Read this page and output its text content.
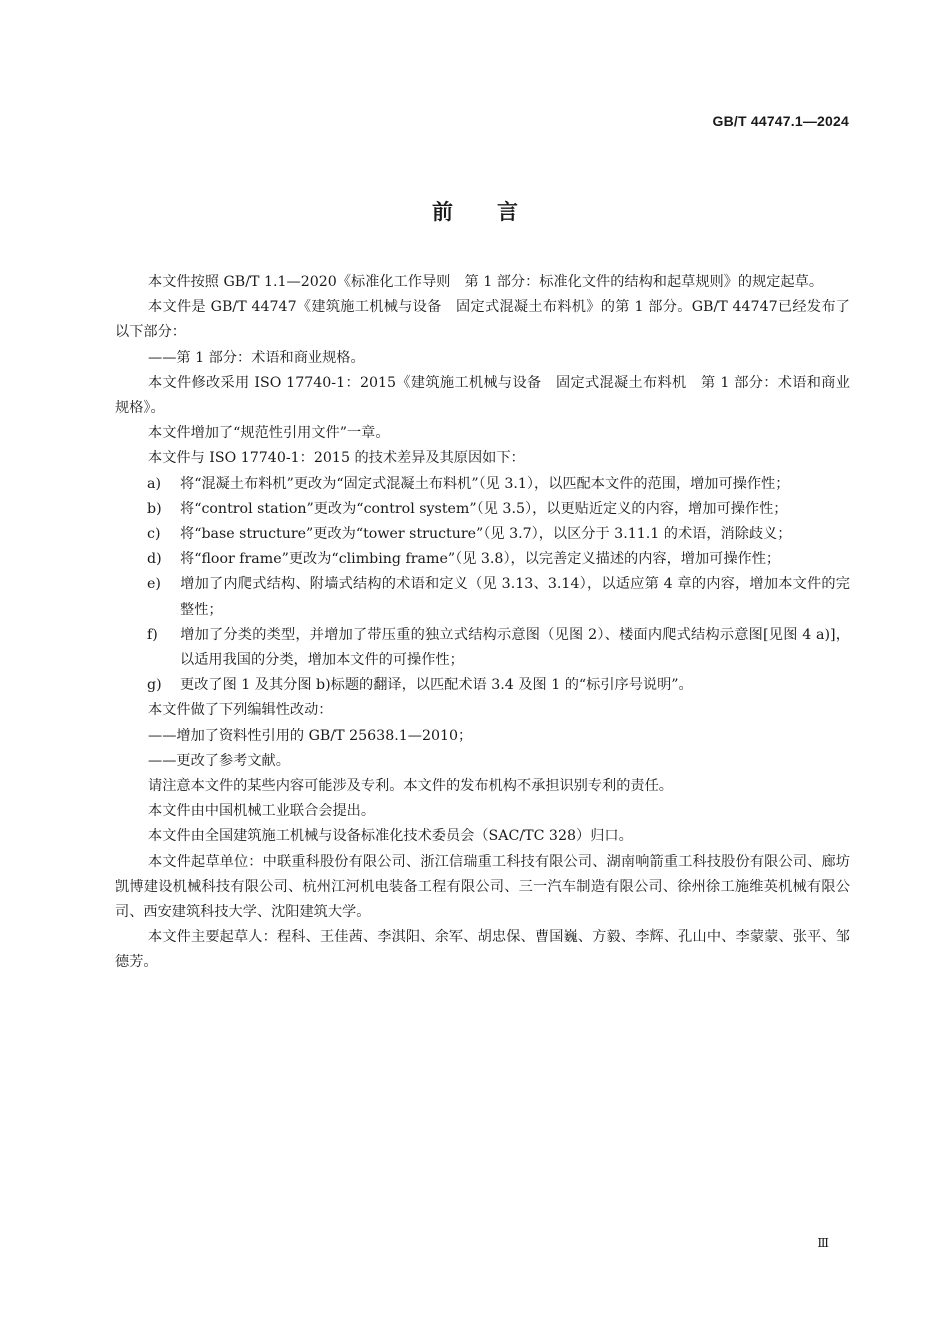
GB/T 44747.1—2024
前言

本文件按照 GB/T 1.1—2020《标准化工作导则　第 1 部分：标准化文件的结构和起草规则》的规定起草。

本文件是 GB/T 44747《建筑施工机械与设备　固定式混凝土布料机》的第 1 部分。GB/T 44747已经发布了以下部分：

——第 1 部分：术语和商业规格。

本文件修改采用 ISO 17740-1：2015《建筑施工机械与设备　固定式混凝土布料机　第 1 部分：术语和商业规格》。

本文件增加了“规范性引用文件”一章。

本文件与 ISO 17740-1：2015 的技术差异及其原因如下：

a) 将“混凝土布料机”更改为“固定式混凝土布料机”（见 3.1），以匹配本文件的范围，增加可操作性；

b) 将“control station”更改为“control system”（见 3.5），以更贴近定义的内容，增加可操作性；

c) 将“base structure”更改为“tower structure”（见 3.7），以区分于 3.11.1 的术语，消除歧义；

d) 将“floor frame”更改为“climbing frame”（见 3.8），以完善定义描述的内容，增加可操作性；

e) 增加了内爬式结构、附墙式结构的术语和定义（见 3.13、3.14），以适应第 4 章的内容，增加本文件的完整性；

f) 增加了分类的类型，并增加了带压重的独立式结构示意图（见图 2）、楼面内爬式结构示意图[见图 4 a)]，以适用我国的分类，增加本文件的可操作性；

g) 更改了图 1 及其分图 b)标题的翻译，以匹配术语 3.4 及图 1 的“标引序号说明”。

本文件做了下列编辑性改动：

——增加了资料性引用的 GB/T 25638.1—2010；

——更改了参考文献。

请注意本文件的某些内容可能涉及专利。本文件的发布机构不承担识别专利的责任。

本文件由中国机械工业联合会提出。

本文件由全国建筑施工机械与设备标准化技术委员会（SAC/TC 328）归口。

本文件起草单位：中联重科股份有限公司、浙江信瑞重工科技有限公司、湖南响箭重工科技股份有限公司、廊坊凯博建设机械科技有限公司、杭州江河机电装备工程有限公司、三一汽车制造有限公司、徐州徐工施维英机械有限公司、西安建筑科技大学、沈阳建筑大学。

本文件主要起草人：程科、王佳茜、李淇阳、余军、胡忠保、曹国巍、方毅、李辉、孔山中、李蒙蒙、张平、邹德芳。

Ⅲ
